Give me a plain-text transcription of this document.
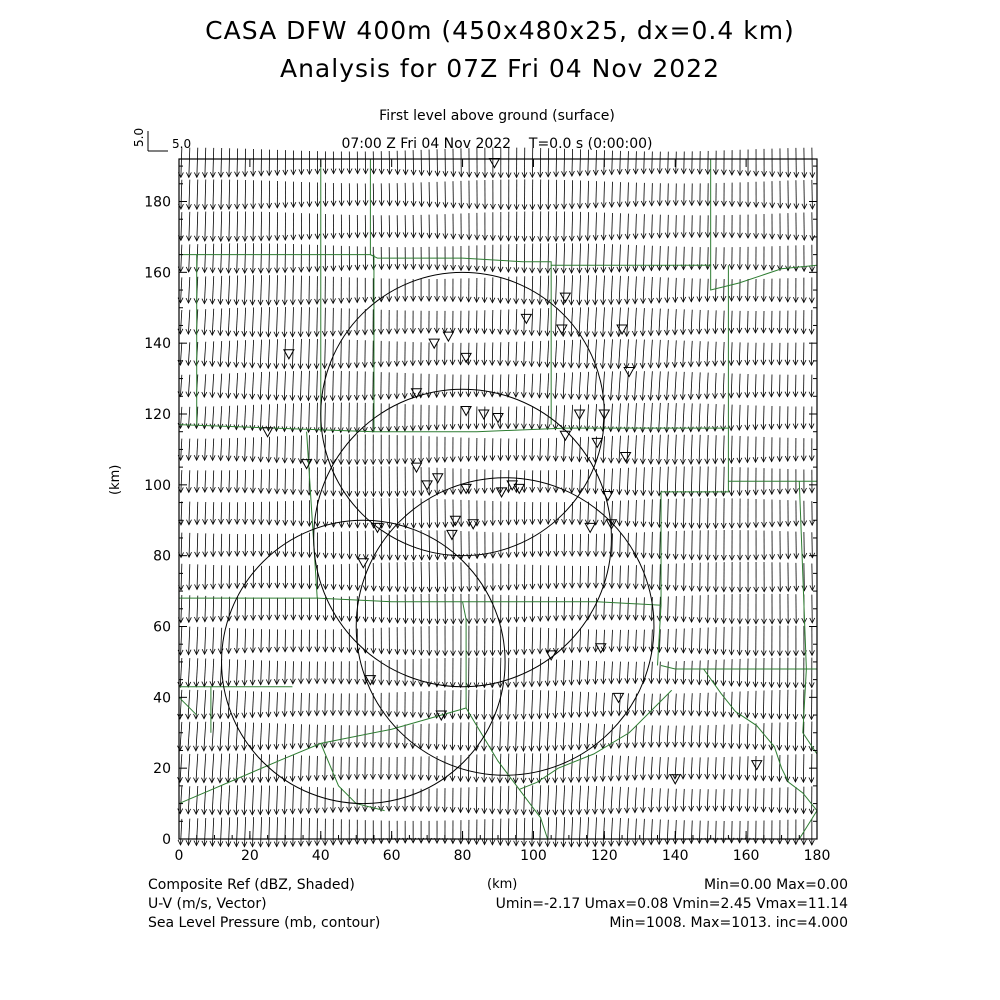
CASA DFW 400m (450x480x25, dx=0.4 km)
Analysis for 07Z Fri 04 Nov 2022
First level above ground (surface)
07:00 Z Fri 04 Nov 2022    T=0.0 s (0:00:00)
0	20	40	60	80	100	120	140	160	180
0
20
40
60
80
100
120
140
160
180
5.0 5.0
(km)
(km)
Composite Ref (dBZ, Shaded)
U-V (m/s, Vector)
Sea Level Pressure (mb, contour)
Min=0.00 Max=0.00
Umin=-2.17 Umax=0.08 Vmin=2.45 Vmax=11.14
Min=1008. Max=1013. inc=4.000
